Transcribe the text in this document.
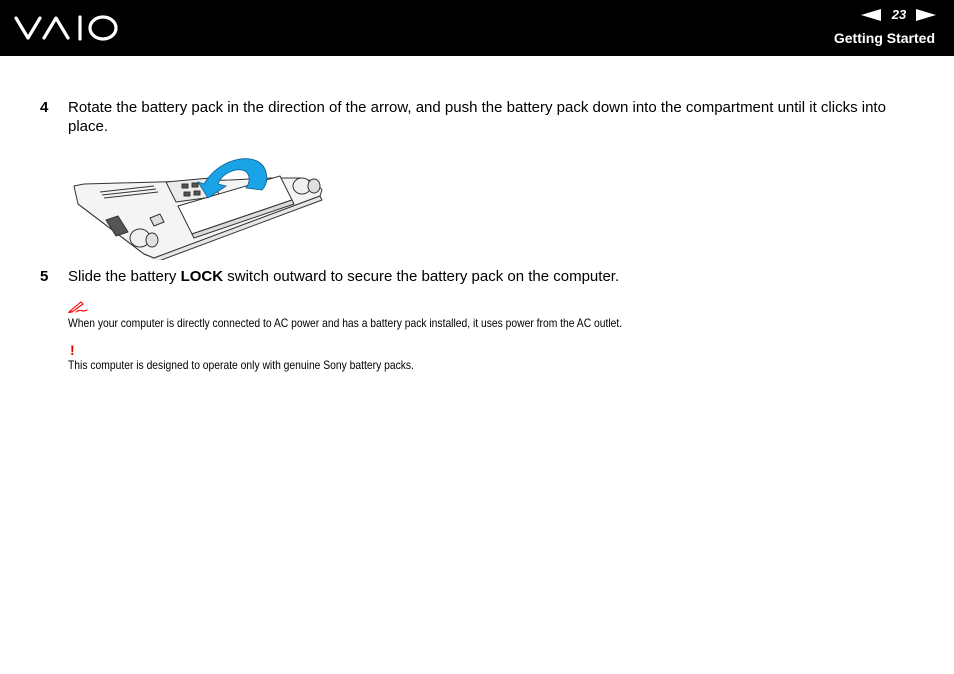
23
Getting Started
4 Rotate the battery pack in the direction of the arrow, and push the battery pack down into the compartment until it clicks into place.
5 Slide the battery LOCK switch outward to secure the battery pack on the computer.
When your computer is directly connected to AC power and has a battery pack installed, it uses power from the AC outlet.
!
This computer is designed to operate only with genuine Sony battery packs.
